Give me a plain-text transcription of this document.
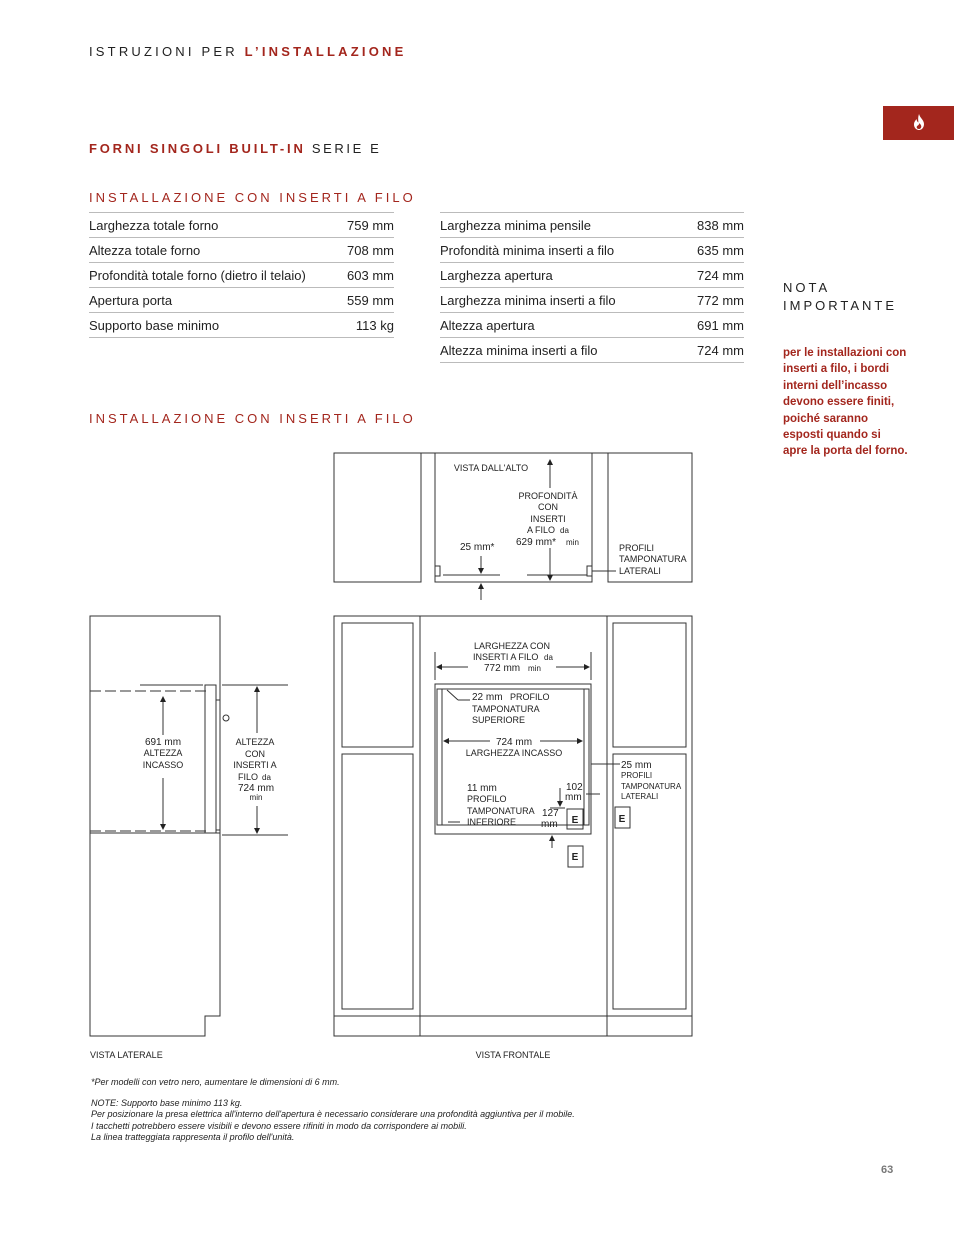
ISTRUZIONI PER L’INSTALLAZIONE
FORNI SINGOLI BUILT-IN SERIE E
INSTALLAZIONE CON INSERTI A FILO
Larghezza totale forno	759 mm
Altezza totale forno	708 mm
Profondità totale forno (dietro il telaio)	603 mm
Apertura porta	559 mm
Supporto base minimo	113 kg
Larghezza minima pensile	838 mm
Profondità minima inserti a filo	635 mm
Larghezza apertura	724 mm
Larghezza minima inserti a filo	772 mm
Altezza apertura	691 mm
Altezza minima inserti a filo	724 mm
NOTA
IMPORTANTE
per le installazioni con inserti a filo, i bordi interni dell’incasso devono essere finiti, poiché saranno esposti quando si apre la porta del forno.
INSTALLAZIONE CON INSERTI A FILO
VISTA DALL'ALTO
PROFONDITÀ
CON
INSERTI
A FILO da
629 mm* min
25 mm*	PROFILI
TAMPONATURA
LATERALI
691 mm
ALTEZZA
INCASSO
ALTEZZA
CON
INSERTI A
FILO da
724 mm
min
LARGHEZZA CON
INSERTI A FILO da
772 mm min
22 mm PROFILO
TAMPONATURA
SUPERIORE
724 mm
LARGHEZZA INCASSO
25 mm
PROFILI
TAMPONATURA
LATERALI
11 mm
PROFILO
TAMPONATURA
INFERIORE
102
mm
127
mm E
E
E
VISTA LATERALE	VISTA FRONTALE

*Per modelli con vetro nero, aumentare le dimensioni di 6 mm.

NOTE: Supporto base minimo 113 kg.

Per posizionare la presa elettrica all'interno dell'apertura è necessario considerare una profondità aggiuntiva per il mobile.

I tacchetti potrebbero essere visibili e devono essere rifiniti in modo da corrispondere ai mobili.

La linea tratteggiata rappresenta il profilo dell'unità.

63
